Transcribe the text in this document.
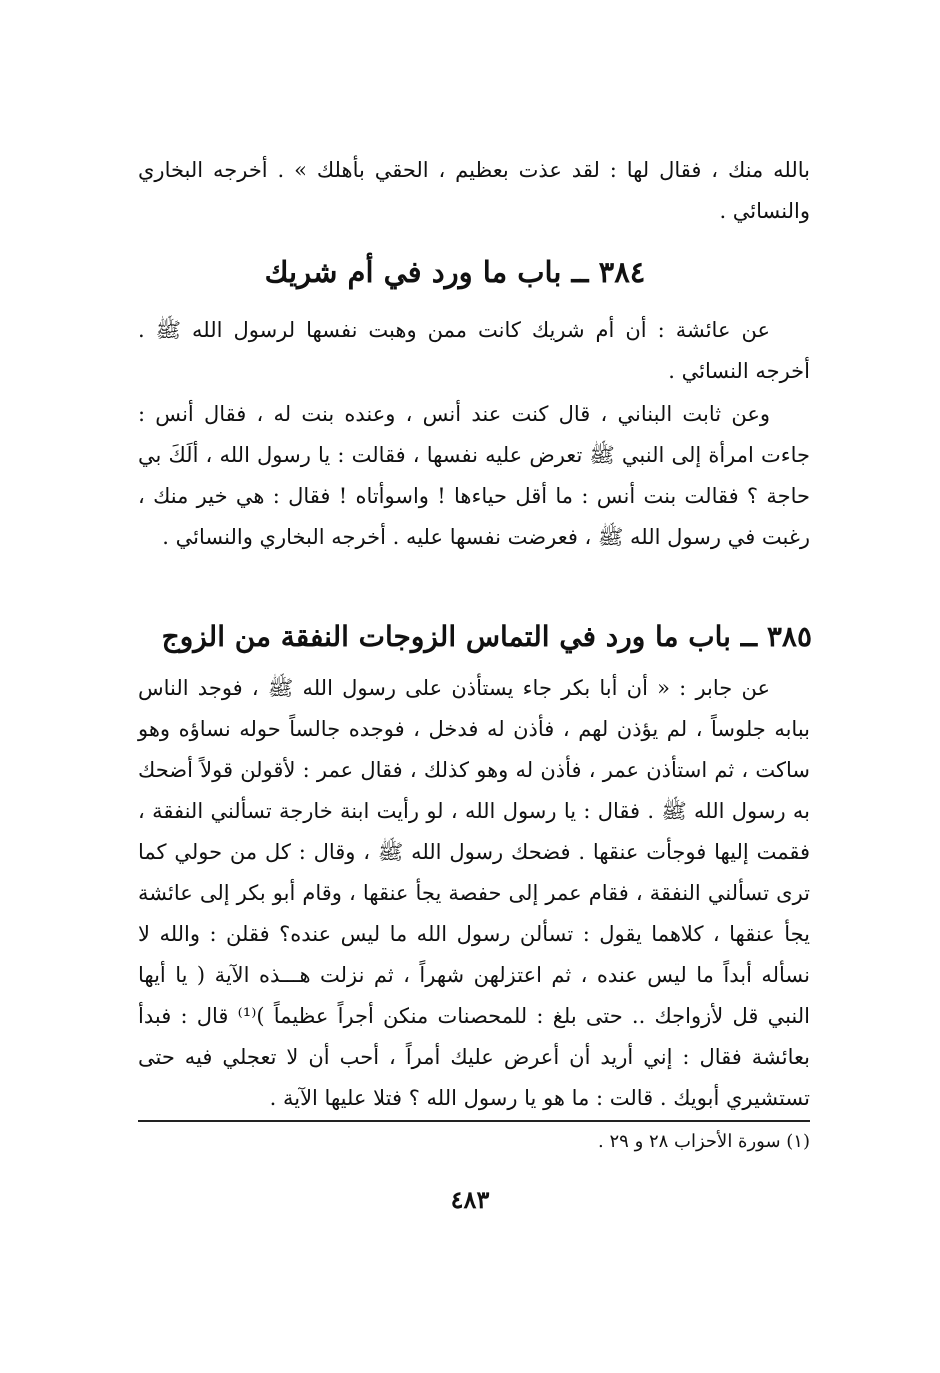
بالله منك ، فقال لها : لقد عذت بعظيم ، الحقي بأهلك » . أخرجه البخاري والنسائي .

٣٨٤ ــ باب ما ورد في أم شريك

عن عائشة : أن أم شريك كانت ممن وهبت نفسها لرسول الله ﷺ . أخرجه النسائي .

وعن ثابت البناني ، قال كنت عند أنس ، وعنده بنت له ، فقال أنس : جاءت امرأة إلى النبي ﷺ تعرض عليه نفسها ، فقالت : يا رسول الله ، ألَكَ بي حاجة ؟ فقالت بنت أنس : ما أقل حياءها ! واسوأتاه ! فقال : هي خير منك ، رغبت في رسول الله ﷺ ، فعرضت نفسها عليه . أخرجه البخاري والنسائي .

٣٨٥ ــ باب ما ورد في التماس الزوجات النفقة من الزوج

عن جابر : « أن أبا بكر جاء يستأذن على رسول الله ﷺ ، فوجد الناس ببابه جلوساً ، لم يؤذن لهم ، فأذن له فدخل ، فوجده جالساً حوله نساؤه وهو ساكت ، ثم استأذن عمر ، فأذن له وهو كذلك ، فقال عمر : لأقولن قولاً أضحك به رسول الله ﷺ . فقال : يا رسول الله ، لو رأيت ابنة خارجة تسألني النفقة ، فقمت إليها فوجأت عنقها . فضحك رسول الله ﷺ ، وقال : كل من حولي كما ترى تسألني النفقة ، فقام عمر إلى حفصة يجأ عنقها ، وقام أبو بكر إلى عائشة يجأ عنقها ، كلاهما يقول : تسألن رسول الله ما ليس عنده؟ فقلن : والله لا نسأله أبداً ما ليس عنده ، ثم اعتزلهن شهراً ، ثم نزلت هـــذه الآية ( يا أيها النبي قل لأزواجك .. حتى بلغ : للمحصنات منكن أجراً عظيماً )⁽¹⁾ قال : فبدأ بعائشة فقال : إني أريد أن أعرض عليك أمراً ، أحب أن لا تعجلي فيه حتى تستشيري أبويك . قالت : ما هو يا رسول الله ؟ فتلا عليها الآية .

(١) سورة الأحزاب ٢٨ و ٢٩ .
٤٨٣
